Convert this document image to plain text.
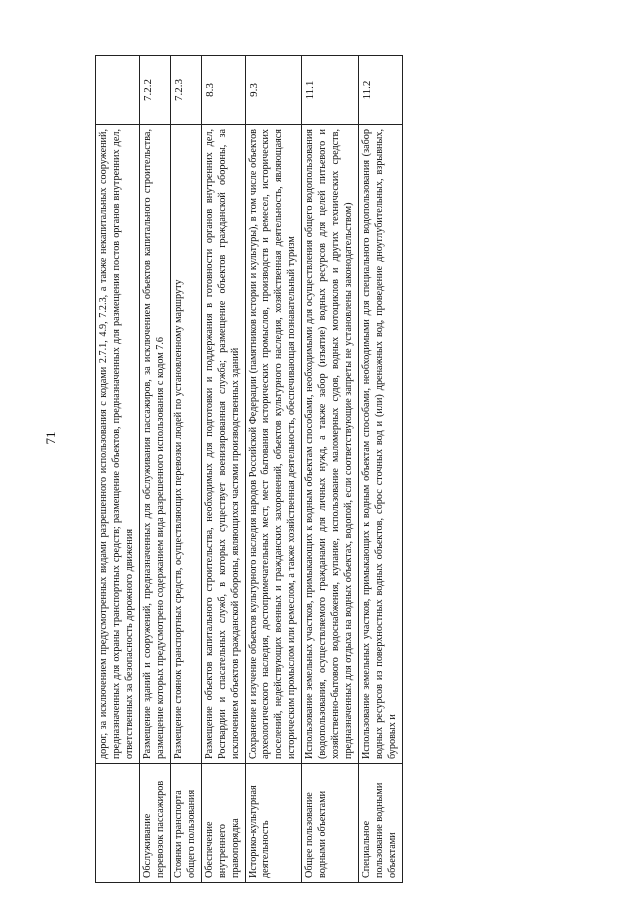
71
		дорог, за исключением предусмотренных видами разрешенного использования с кодами 2.7.1, 4.9, 7.2.3, а также некапитальных сооружений, предназначенных для охраны транспортных средств; размещение объектов, предназначенных для размещения постов органов внутренних дел, ответственных за безопасность дорожного движения	
Обслуживание перевозок пассажиров	Размещение зданий и сооружений, предназначенных для обслуживания пассажиров, за исключением объектов капитального строительства, размещение которых предусмотрено содержанием вида разрешенного использования с кодом 7.6	7.2.2
Стоянки транспорта общего пользования	Размещение стоянок транспортных средств, осуществляющих перевозки людей по установленному маршруту	7.2.3
Обеспечение внутреннего правопорядка	Размещение объектов капитального строительства, необходимых для подготовки и поддержания в готовности органов внутренних дел, Росгвардии и спасательных служб, в которых существует военизированная служба; размещение объектов гражданской обороны, за исключением объектов гражданской обороны, являющихся частями производственных зданий	8.3
Историко-культурная деятельность	Сохранение и изучение объектов культурного наследия народов Российской Федерации (памятников истории и культуры), в том числе объектов археологического наследия, достопримечательных мест, мест бытования исторических промыслов, производств и ремесел, исторических поселений, недействующих военных и гражданских захоронений, объектов культурного наследия, хозяйственная деятельность, являющаяся историческим промыслом или ремеслом, а также хозяйственная деятельность, обеспечивающая познавательный туризм	9.3
Общее пользование водными объектами	Использование земельных участков, примыкающих к водным объектам способами, необходимыми для осуществления общего водопользования (водопользования, осуществляемого гражданами для личных нужд, а также забор (изъятие) водных ресурсов для целей питьевого и хозяйственно-бытового водоснабжения, купание, использование маломерных судов, водных мотоциклов и других технических средств, предназначенных для отдыха на водных объектах, водопой, если соответствующие запреты не установлены законодательством)	11.1
Специальное пользование водными объектами	Использование земельных участков, примыкающих к водным объектам способами, необходимыми для специального водопользования (забор водных ресурсов из поверхностных водных объектов, сброс сточных вод и (или) дренажных вод, проведение дноуглубительных, взрывных, буровых и	11.2
